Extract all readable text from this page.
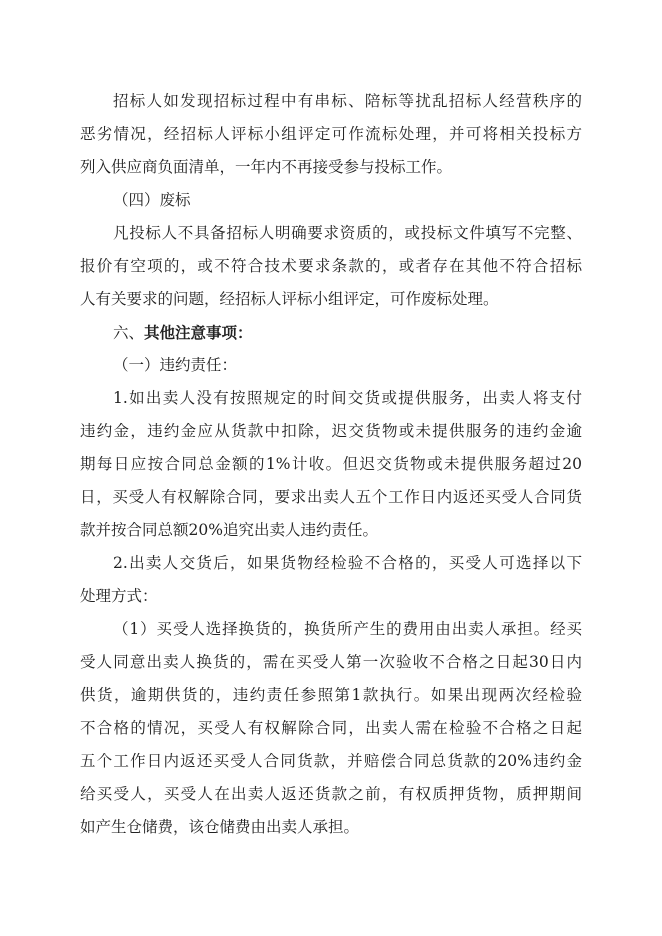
招标人如发现招标过程中有串标、陪标等扰乱招标人经营秩序的
恶劣情况，经招标人评标小组评定可作流标处理，并可将相关投标方
列入供应商负面清单，一年内不再接受参与投标工作。
（四）废标
凡投标人不具备招标人明确要求资质的，或投标文件填写不完整、
报价有空项的，或不符合技术要求条款的，或者存在其他不符合招标
人有关要求的问题，经招标人评标小组评定，可作废标处理。
六、其他注意事项：
（一）违约责任：
1.如出卖人没有按照规定的时间交货或提供服务，出卖人将支付
违约金，违约金应从货款中扣除，迟交货物或未提供服务的违约金逾
期每日应按合同总金额的1%计收。但迟交货物或未提供服务超过20
日，买受人有权解除合同，要求出卖人五个工作日内返还买受人合同货
款并按合同总额20%追究出卖人违约责任。
2.出卖人交货后，如果货物经检验不合格的，买受人可选择以下
处理方式：
（1）买受人选择换货的，换货所产生的费用由出卖人承担。经买
受人同意出卖人换货的，需在买受人第一次验收不合格之日起30日内
供货，逾期供货的，违约责任参照第1款执行。如果出现两次经检验
不合格的情况，买受人有权解除合同，出卖人需在检验不合格之日起
五个工作日内返还买受人合同货款，并赔偿合同总货款的20%违约金
给买受人，买受人在出卖人返还货款之前，有权质押货物，质押期间
如产生仓储费，该仓储费由出卖人承担。
